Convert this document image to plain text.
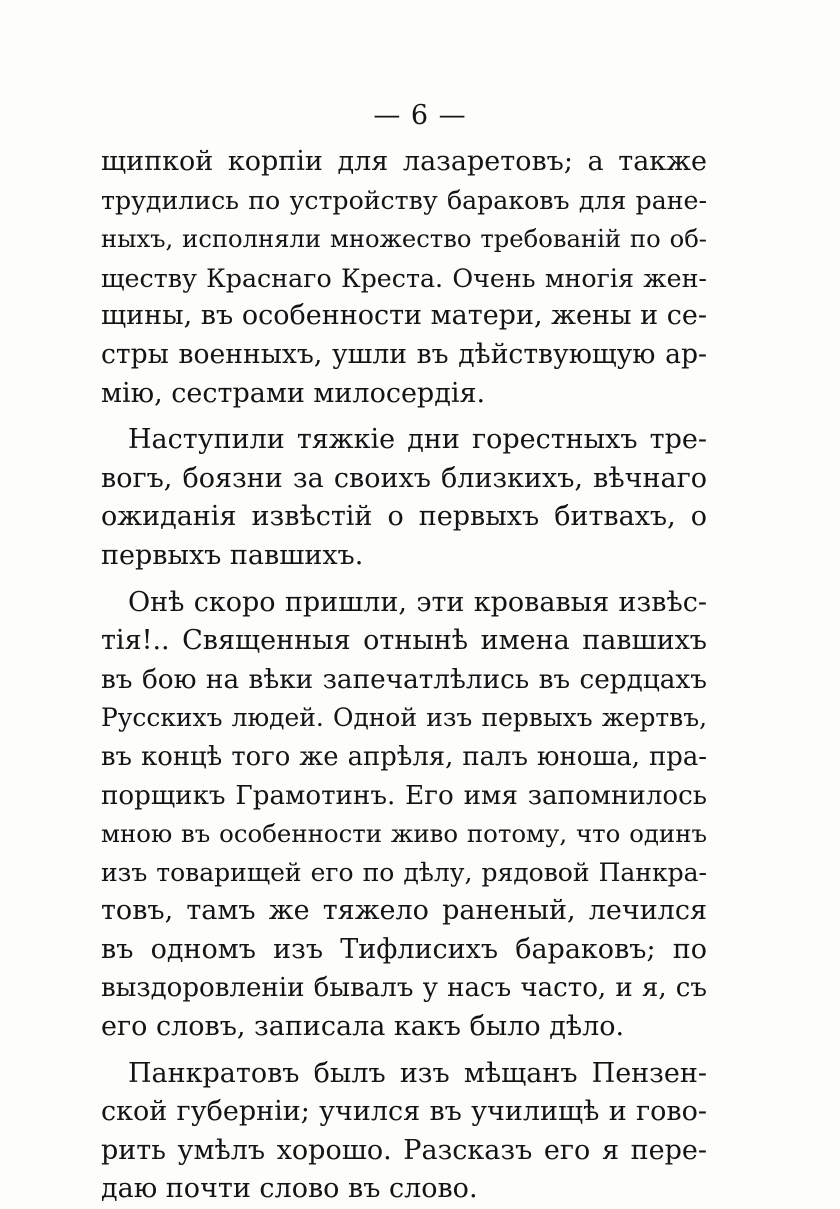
— 6 —
щипкой корпіи для лазаретовъ; а также
трудились по устройству бараковъ для ране-
ныхъ, исполняли множество требованій по об-
ществу Краснаго Креста. Очень многія жен-
щины, въ особенности матери, жены и се-
стры военныхъ, ушли въ дѣйствующую ар-
мію, сестрами милосердія.
Наступили тяжкіе дни горестныхъ тре-
вогъ, боязни за своихъ близкихъ, вѣчнаго
ожиданія извѣстій о первыхъ битвахъ, о
первыхъ павшихъ.
Онѣ скоро пришли, эти кровавыя извѣс-
тія!.. Священныя отнынѣ имена павшихъ
въ бою на вѣки запечатлѣлись въ сердцахъ
Русскихъ людей. Одной изъ первыхъ жертвъ,
въ концѣ того же апрѣля, палъ юноша, пра-
порщикъ Грамотинъ. Его имя запомнилось
мною въ особенности живо потому, что одинъ
изъ товарищей его по дѣлу, рядовой Панкра-
товъ, тамъ же тяжело раненый, лечился
въ одномъ изъ Тифлисихъ бараковъ; по
выздоровленіи бывалъ у насъ часто, и я, съ
его словъ, записала какъ было дѣло.
Панкратовъ былъ изъ мѣщанъ Пензен-
ской губерніи; учился въ училищѣ и гово-
рить умѣлъ хорошо. Разсказъ его я пере-
даю почти слово въ слово.
